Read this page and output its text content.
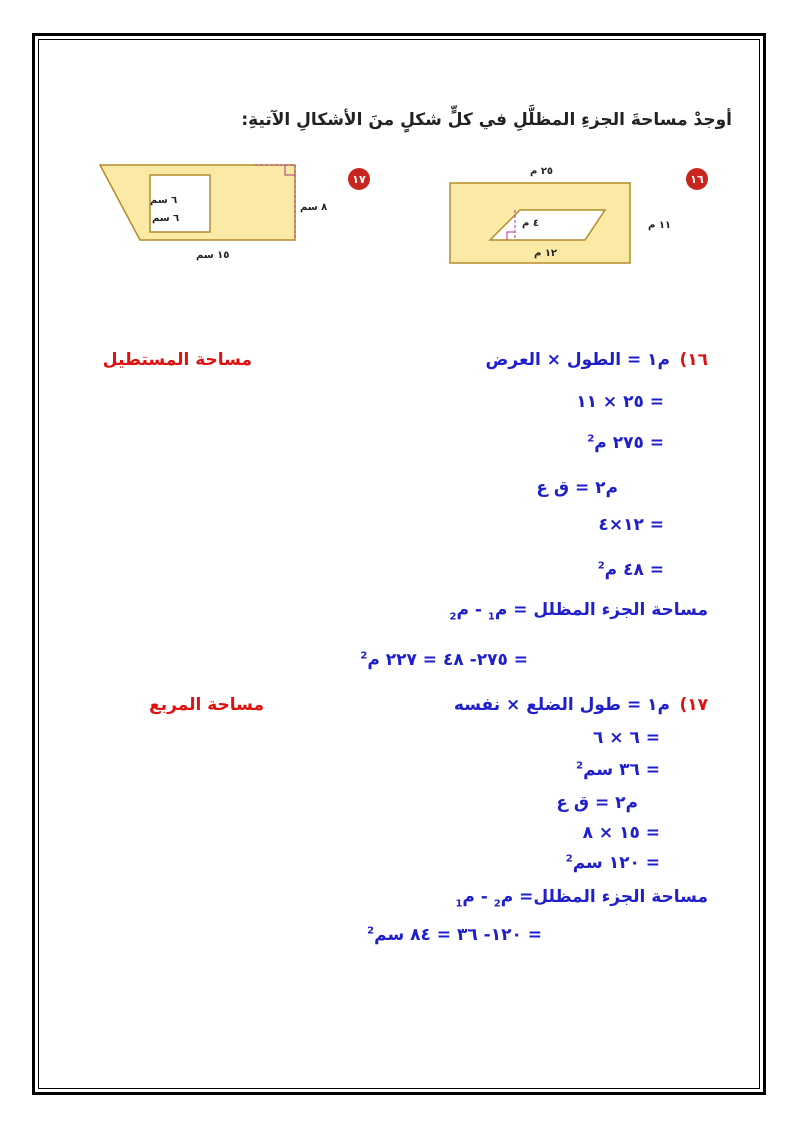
أوجدْ مساحةَ الجزءِ المظلَّلِ في كلٍّ شكلٍ منَ الأشكالِ الآتيةِ:
١٧
٦ سم
٦ سم
٨ سم
١٥ سم
١٦
٢٥ م
١١ م
٤ م
١٢ م
١٦)
م١ = الطول × العرض
مساحة المستطيل
= ٢٥ × ١١
= ٢٧٥ م$^2$
م٢ = ق ع
= ١٢×٤
= ٤٨ م$^2$
مساحة الجزء المظلل = م$_1$ - م$_2$
= ٢٧٥- ٤٨ = ٢٢٧ م$^2$
١٧)
م١ = طول الضلع × نفسه
مساحة المربع
= ٦ × ٦
= ٣٦ سم$^2$
م٢ = ق ع
= ١٥ × ٨
= ١٢٠ سم$^2$
مساحة الجزء المظلل= م$_2$ - م$_1$
= ١٢٠- ٣٦ = ٨٤ سم$^2$
